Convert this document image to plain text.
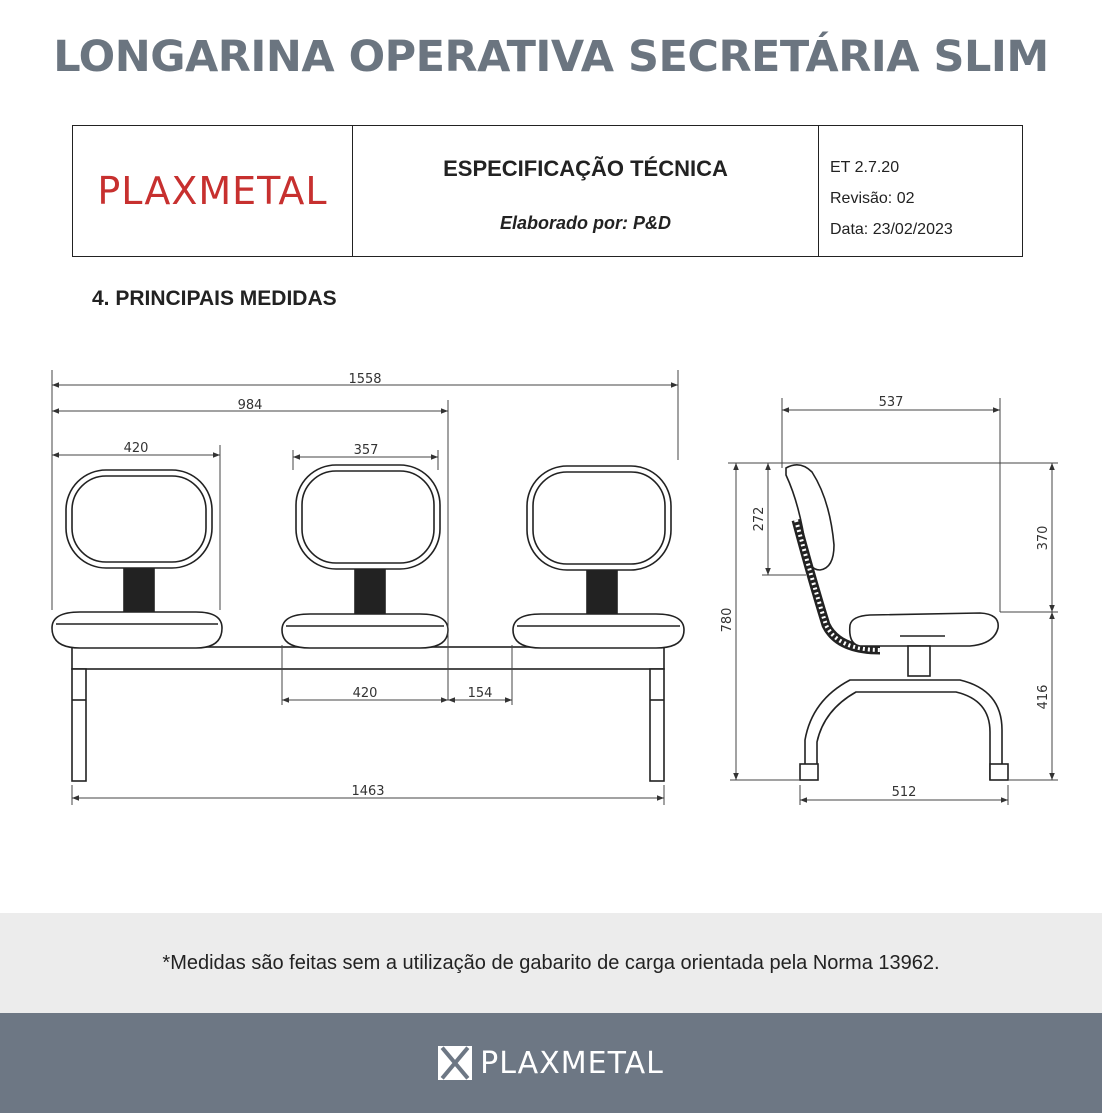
LONGARINA OPERATIVA SECRETÁRIA SLIM
PLAXMETAL
ESPECIFICAÇÃO TÉCNICA
Elaborado por: P&D
ET 2.7.20
Revisão: 02
Data: 23/02/2023
4. PRINCIPAIS MEDIDAS
1558
984
420	357
420	154
1463
537
272
780
370
416
512
*Medidas são feitas sem a utilização de gabarito de carga orientada pela Norma 13962.
PLAXMETAL
